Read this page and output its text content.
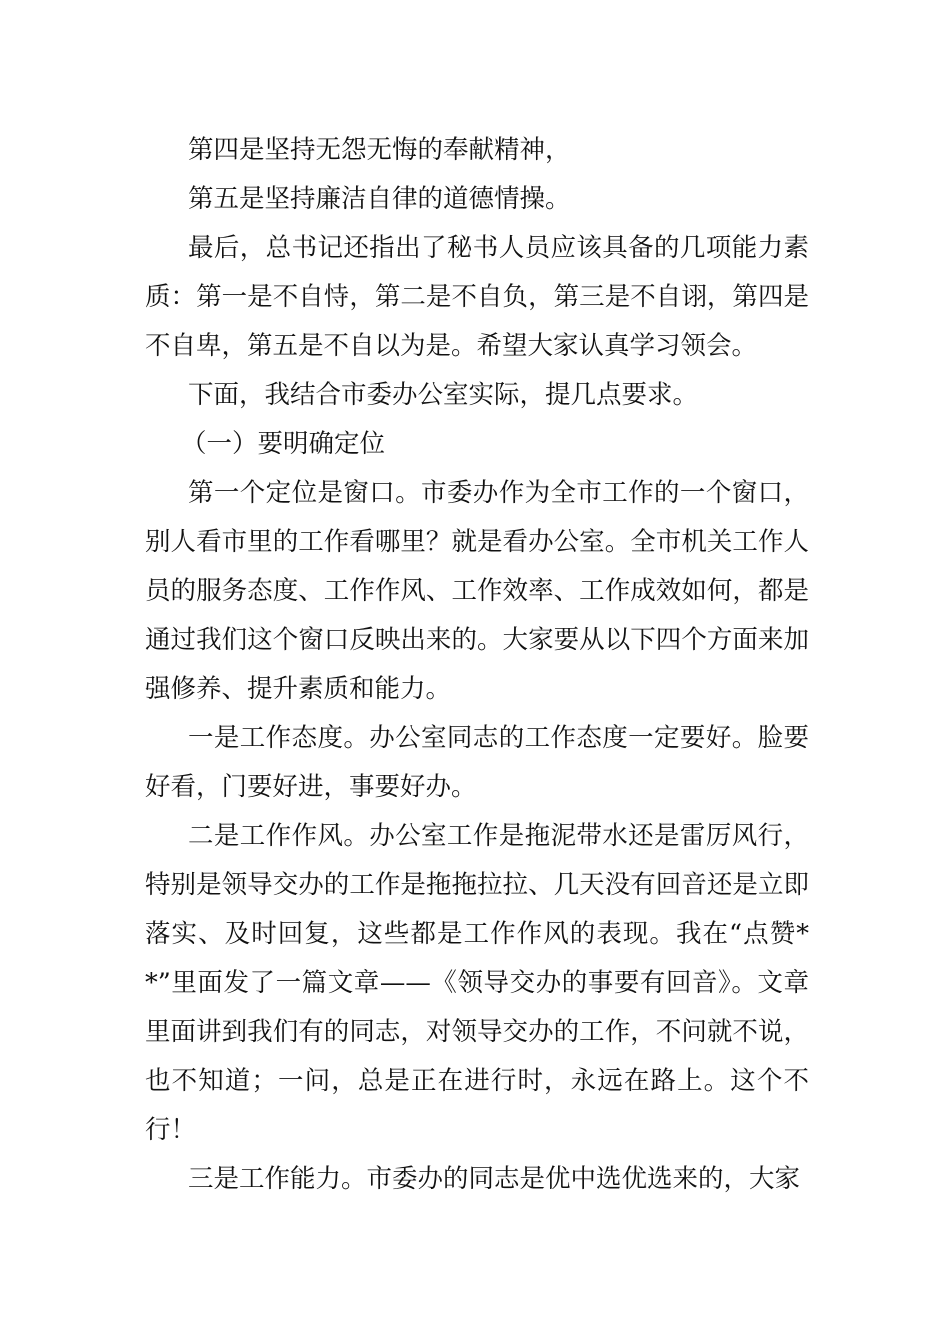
第四是坚持无怨无悔的奉献精神，

第五是坚持廉洁自律的道德情操。

最后，总书记还指出了秘书人员应该具备的几项能力素质：第一是不自恃，第二是不自负，第三是不自诩，第四是不自卑，第五是不自以为是。希望大家认真学习领会。

下面，我结合市委办公室实际，提几点要求。

（一）要明确定位

第一个定位是窗口。市委办作为全市工作的一个窗口，别人看市里的工作看哪里？就是看办公室。全市机关工作人员的服务态度、工作作风、工作效率、工作成效如何，都是通过我们这个窗口反映出来的。大家要从以下四个方面来加强修养、提升素质和能力。

一是工作态度。办公室同志的工作态度一定要好。脸要好看，门要好进，事要好办。

二是工作作风。办公室工作是拖泥带水还是雷厉风行，特别是领导交办的工作是拖拖拉拉、几天没有回音还是立即落实、及时回复，这些都是工作作风的表现。我在“点赞**”里面发了一篇文章——《领导交办的事要有回音》。文章里面讲到我们有的同志，对领导交办的工作，不问就不说，也不知道；一问，总是正在进行时，永远在路上。这个不行！

三是工作能力。市委办的同志是优中选优选来的，大家
